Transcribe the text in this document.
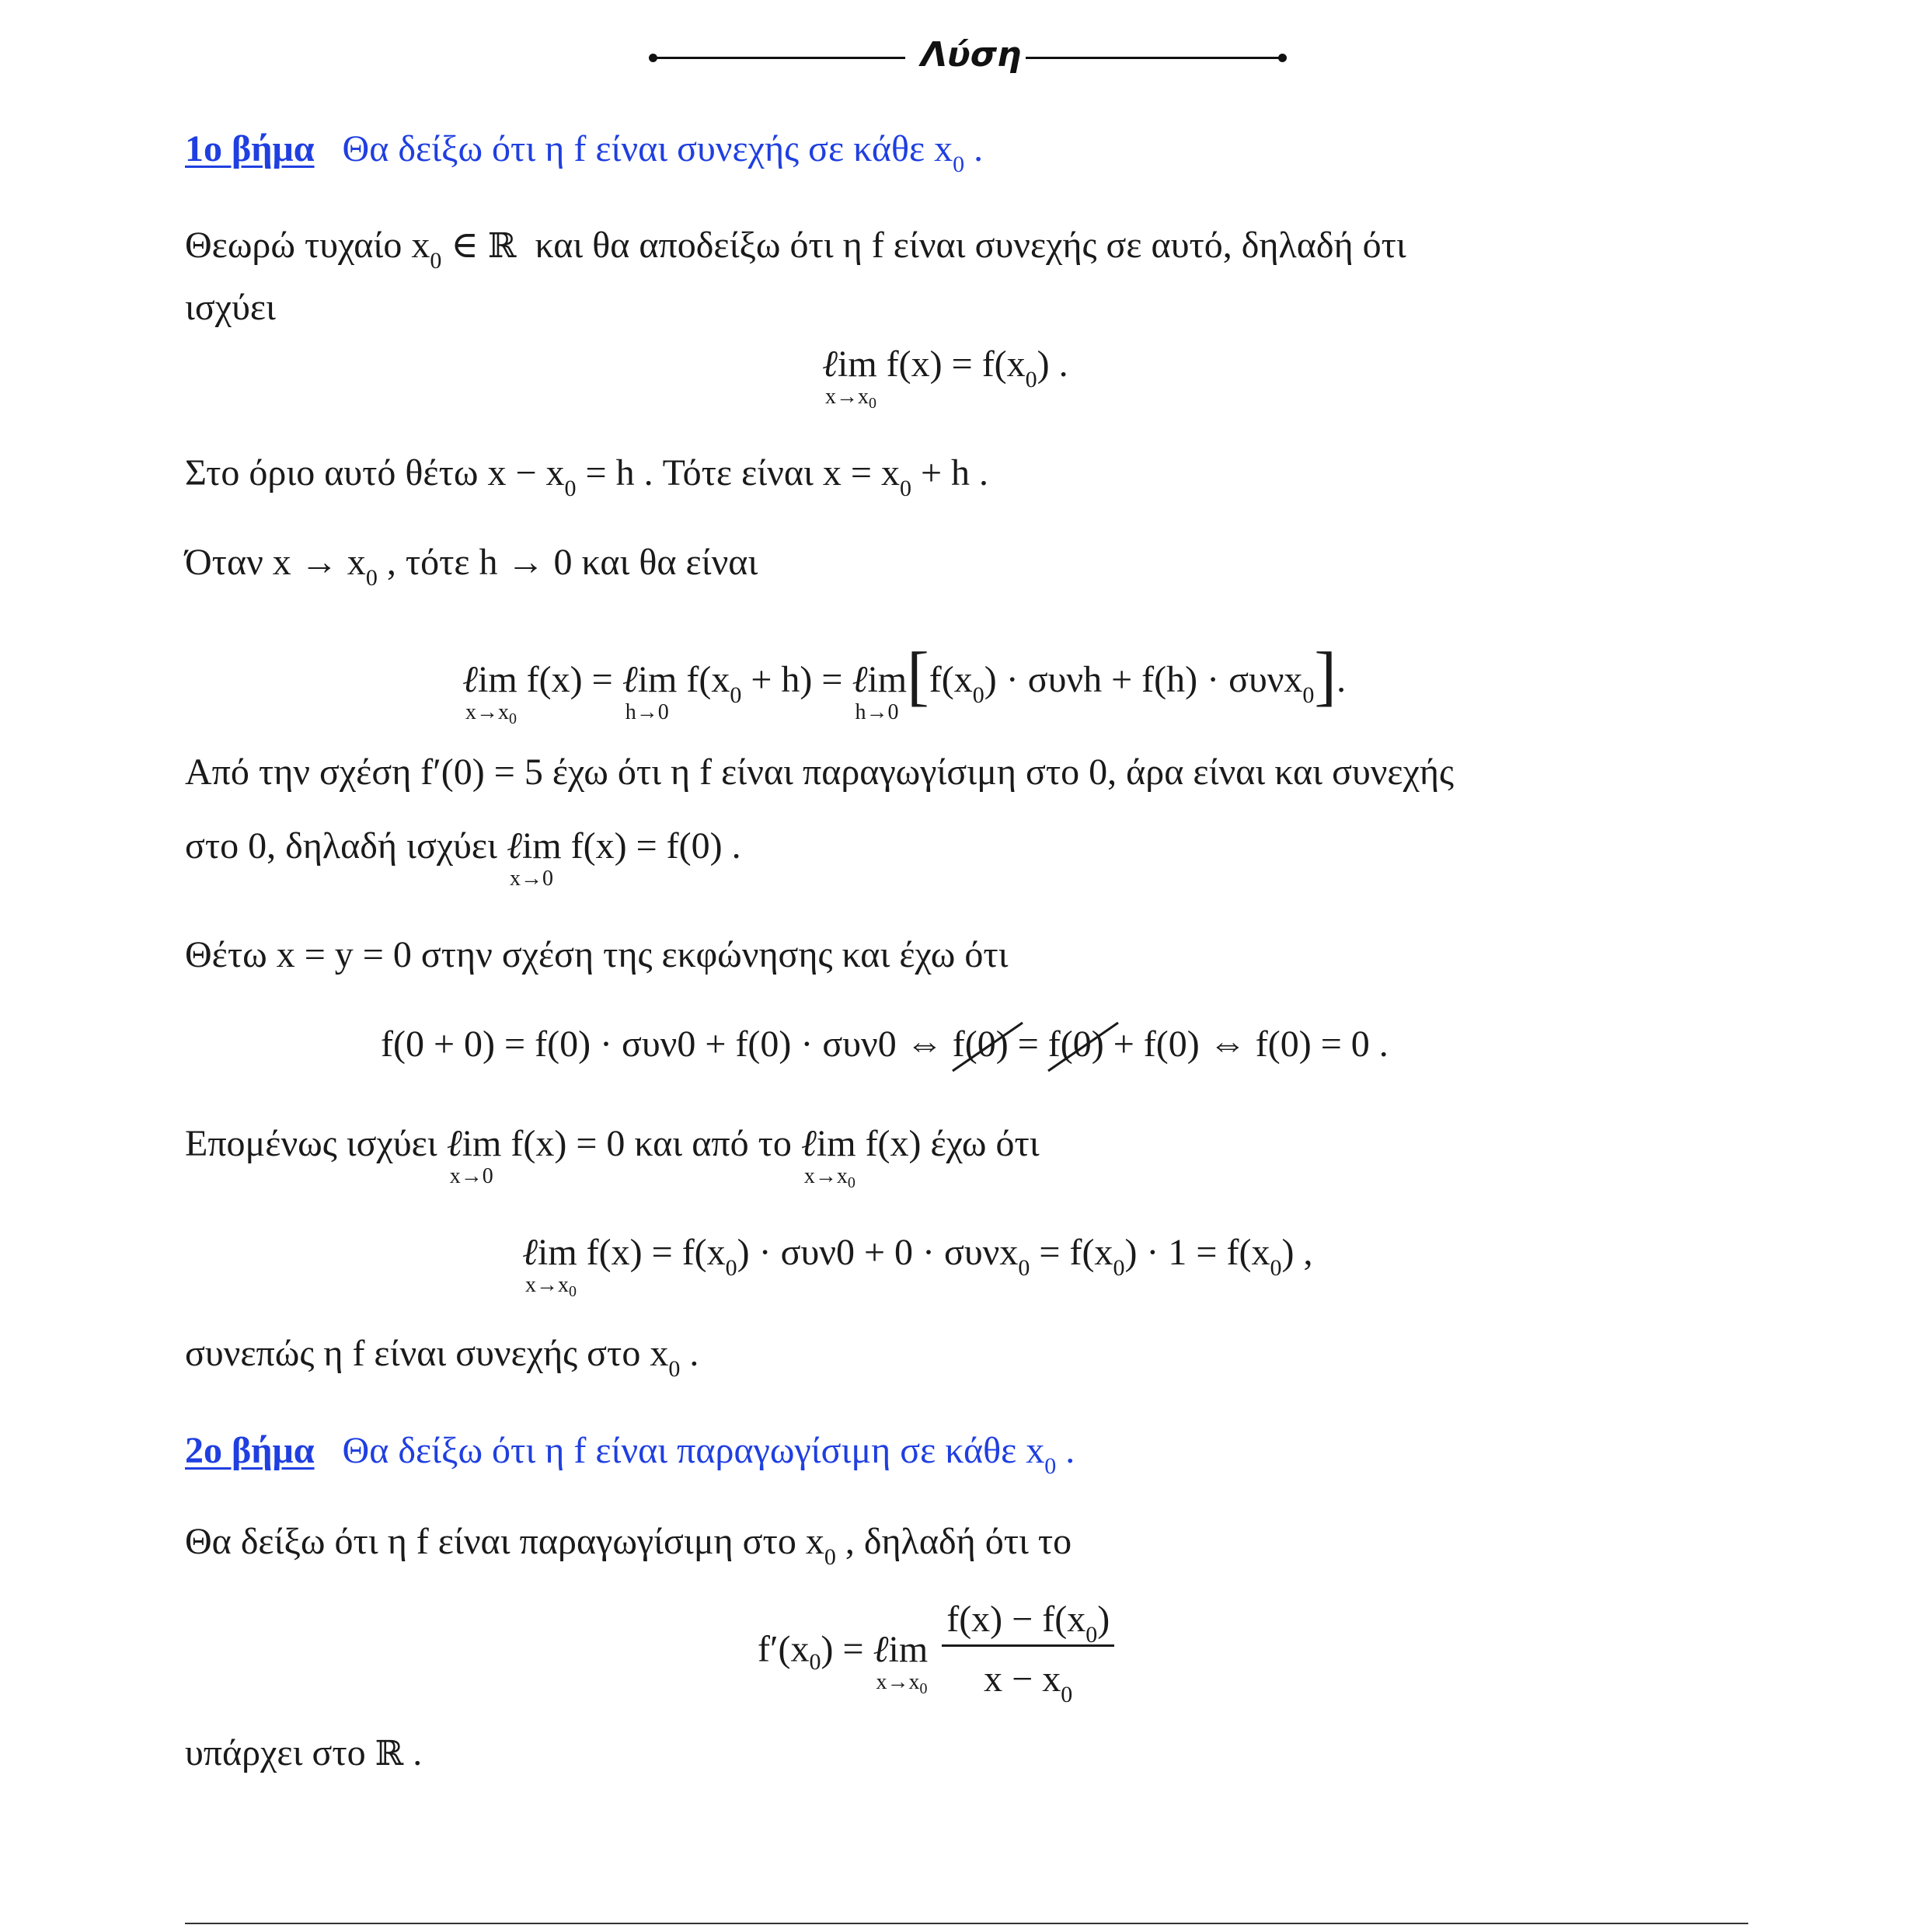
Λύση
1ο βήμα Θα δείξω ότι η f είναι συνεχής σε κάθε $x_0$ .
Θεωρώ τυχαίο $x_0$ ∈ ℝ και θα αποδείξω ότι η f είναι συνεχής σε αυτό, δηλαδή ότι
ισχύει
ℓim
$x\to x_0$
$f(x) = f(x_0)$ .
Στο όριο αυτό θέτω $x - x_0 = h$ . Τότε είναι $x = x_0 + h$ .
Όταν $x \to x_0$ , τότε h → 0 και θα είναι
ℓim
$x\to x_0$
f(x) = ℓim
h→0
$f(x_0 + h)$ = ℓim
h→0 $[f(x_0) \cdot \sigma\upsilon\nu h + f(h) \cdot \sigma\upsilon\nu x_0]$.
Από την σχέση f′(0) = 5 έχω ότι η f είναι παραγωγίσιμη στο 0, άρα είναι και συνεχής
στο 0, δηλαδή ισχύει ℓim
x→0
f(x) = f(0) .
Θέτω x = y = 0 στην σχέση της εκφώνησης και έχω ότι
f(0 + 0) = f(0) · συν0 + f(0) · συν0 ⇔ f(0)
= f(0)
+ f(0) ⇔ f(0) = 0 .
Επομένως ισχύει ℓim
x→0
f(x) = 0 και από το ℓim
$x\to x_0$
f(x) έχω ότι
ℓim
$x\to x_0$
$f(x) = f(x_0) \cdot \sigma\upsilon\nu 0 + 0 \cdot \sigma\upsilon\nu x_0 = f(x_0) \cdot 1 = f(x_0)$ ,
συνεπώς η f είναι συνεχής στο $x_0$ .
2ο βήμα Θα δείξω ότι η f είναι παραγωγίσιμη σε κάθε $x_0$ .
Θα δείξω ότι η f είναι παραγωγίσιμη στο $x_0$ , δηλαδή ότι το
$f'(x_0)$ = ℓim
$x\to x_0$
$\frac{f(x) - f(x_0)}{x - x_0}$
υπάρχει στο ℝ .
